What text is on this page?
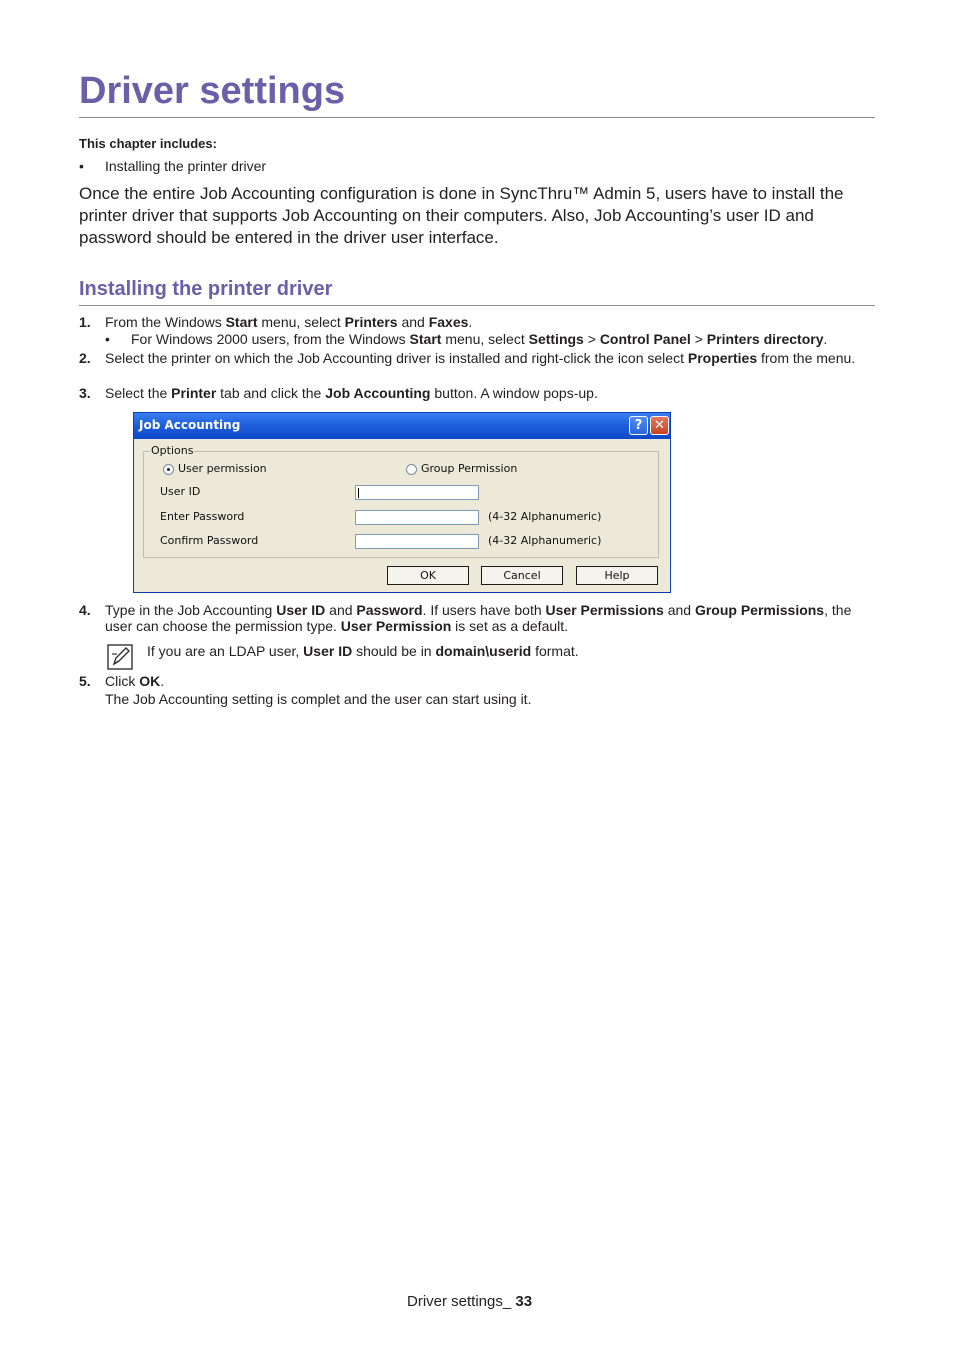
Driver settings
This chapter includes:
• Installing the printer driver

Once the entire Job Accounting configuration is done in SyncThru™ Admin 5, users have to install the printer driver that supports Job Accounting on their computers. Also, Job Accounting’s user ID and password should be entered in the driver user interface.

Installing the printer driver
1.	From the Windows Start menu, select Printers and Faxes.
• For Windows 2000 users, from the Windows Start menu, select Settings > Control Panel > Printers directory.
2.	Select the printer on which the Job Accounting driver is installed and right-click the icon select Properties from the menu.
3.	Select the Printer tab and click the Job Accounting button. A window pops-up.
Job Accounting	? ✕
Options
User permission	Group Permission
User ID
Enter Password	(4-32 Alphanumeric)
Confirm Password	(4-32 Alphanumeric)
OK	Cancel	Help
4.	Type in the Job Accounting User ID and Password. If users have both User Permissions and Group Permissions, the user can choose the permission type. User Permission is set as a default.
If you are an LDAP user, User ID should be in domain\userid format.
5.	Click OK.
The Job Accounting setting is complet and the user can start using it.
Driver settings_ 33
